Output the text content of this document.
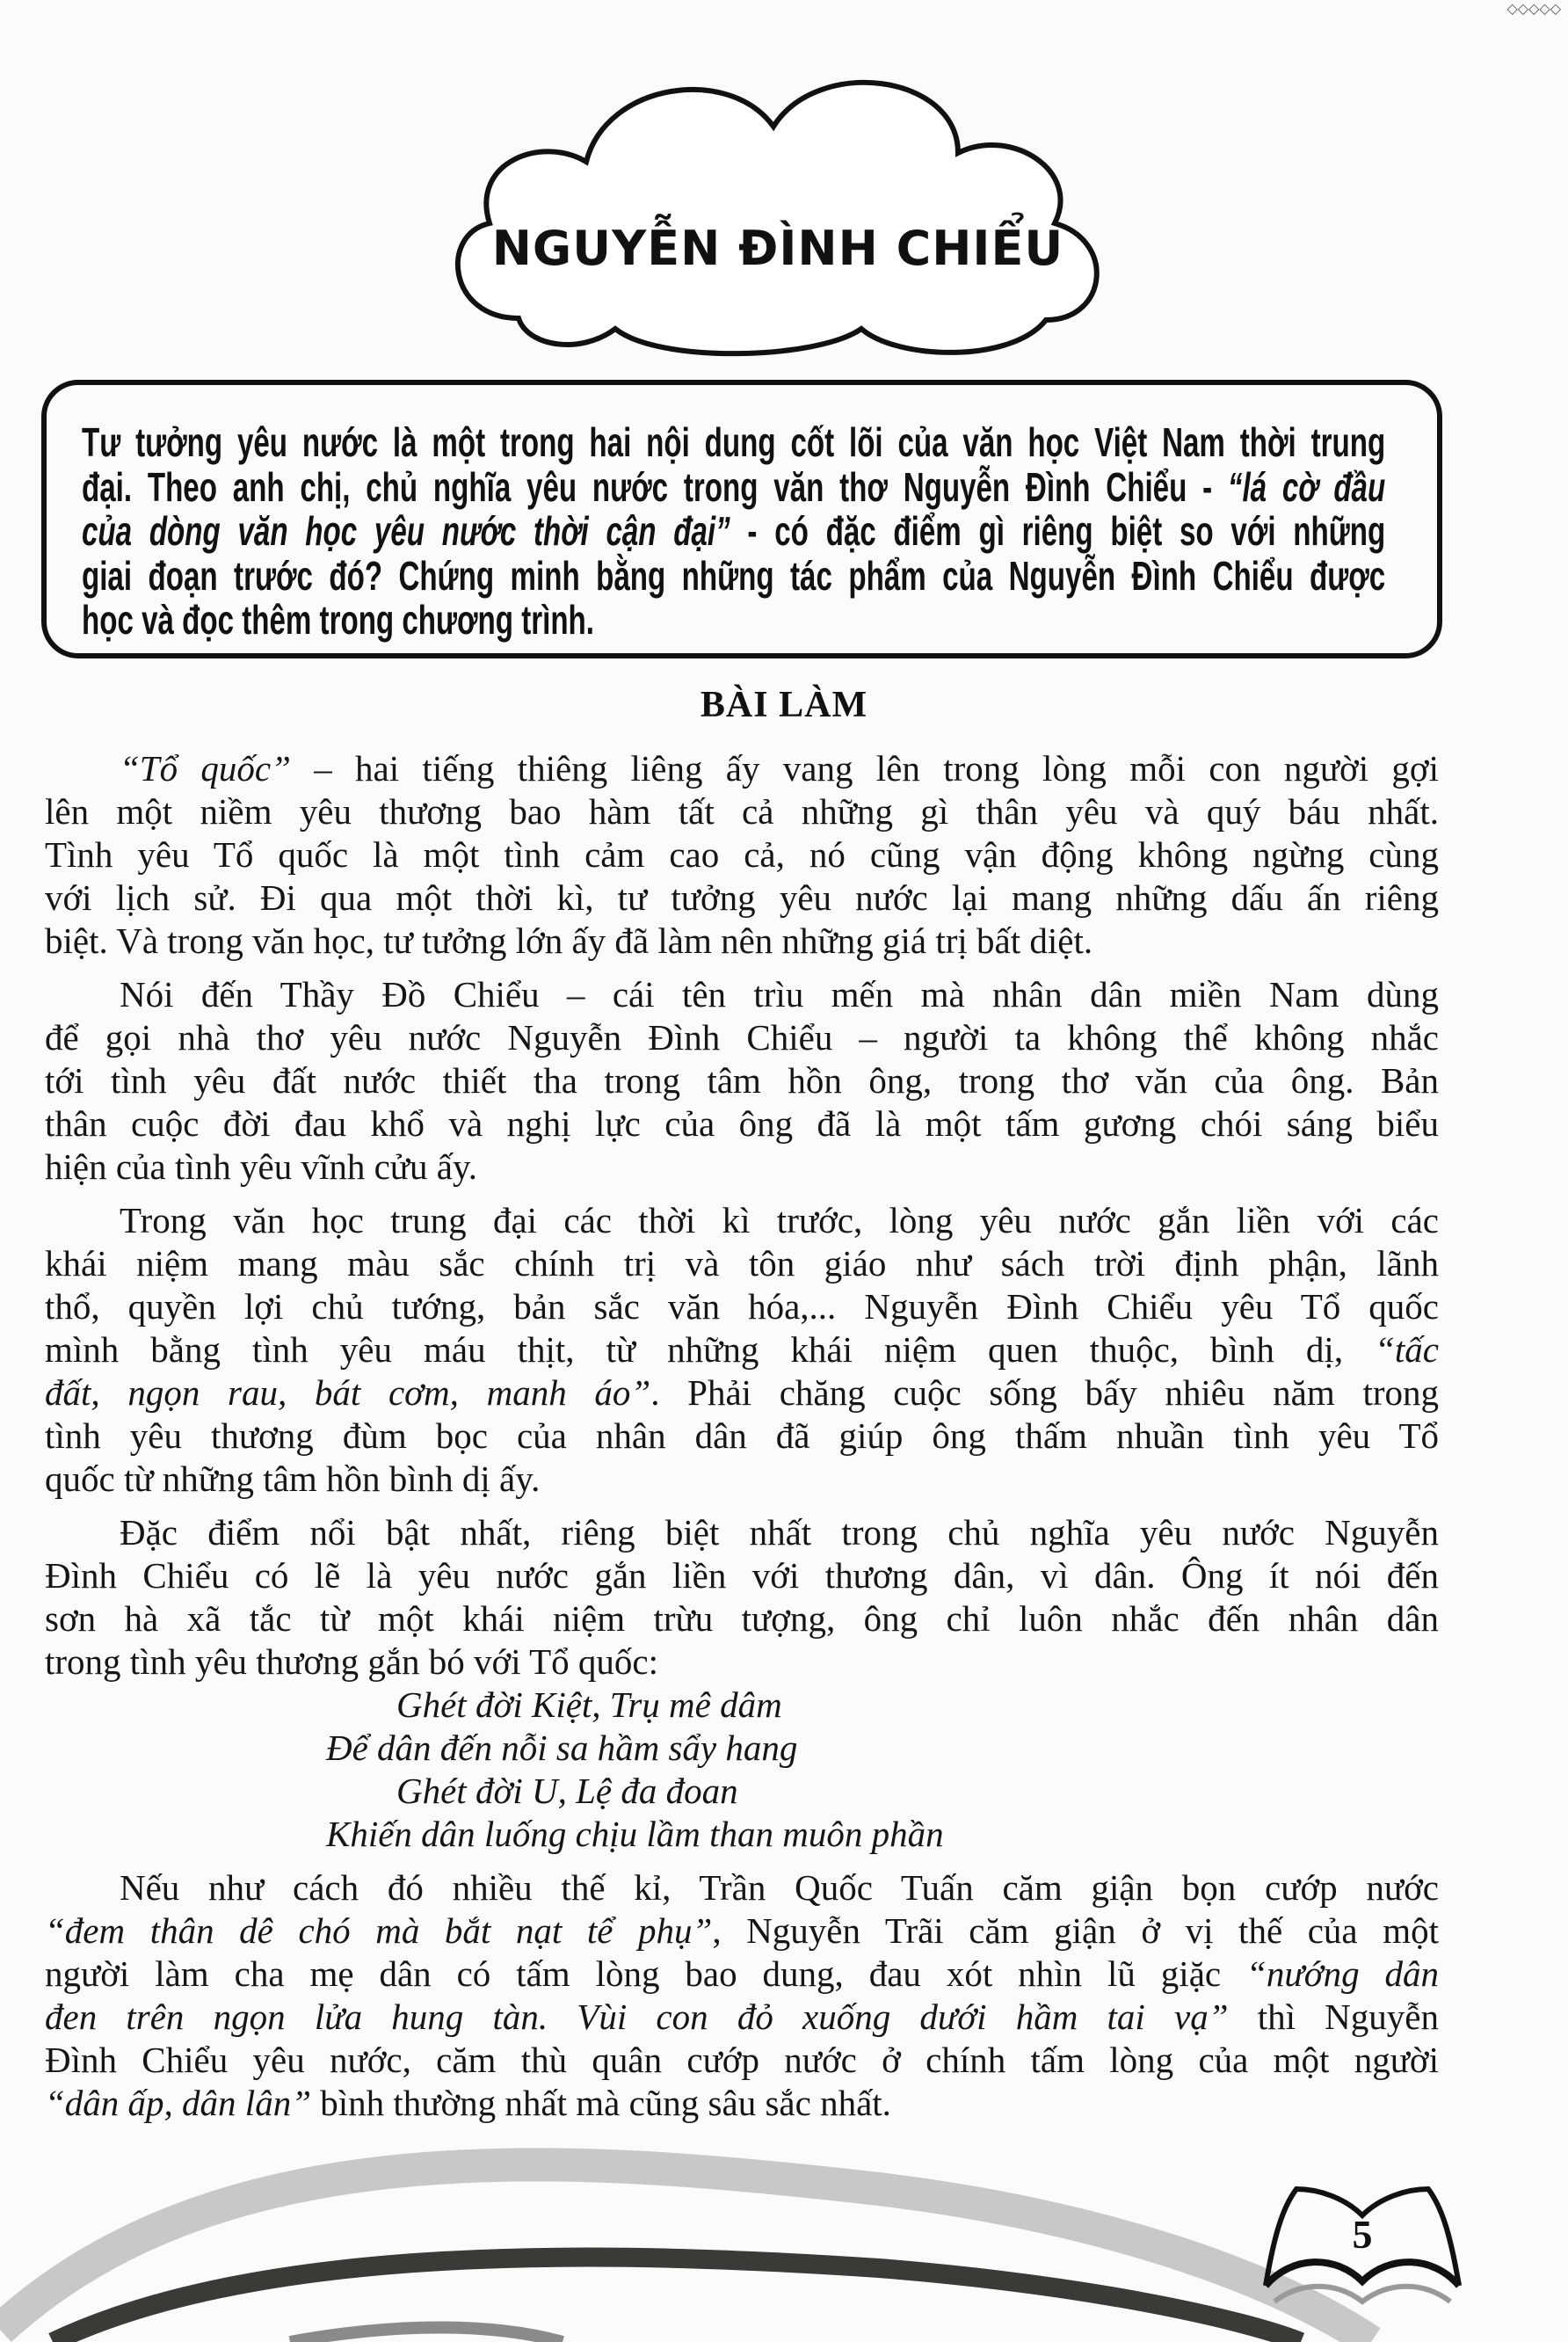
◇◇◇◇◇
NGUYỄN ĐÌNH CHIỂU
Tư tưởng yêu nước là một trong hai nội dung cốt lõi của văn học Việt Nam thời trung
đại. Theo anh chị, chủ nghĩa yêu nước trong văn thơ Nguyễn Đình Chiểu - “lá cờ đầu
của dòng văn học yêu nước thời cận đại” - có đặc điểm gì riêng biệt so với những
giai đoạn trước đó? Chứng minh bằng những tác phẩm của Nguyễn Đình Chiểu được
học và đọc thêm trong chương trình.
BÀI LÀM
“Tổ quốc” – hai tiếng thiêng liêng ấy vang lên trong lòng mỗi con người gợi
lên một niềm yêu thương bao hàm tất cả những gì thân yêu và quý báu nhất.
Tình yêu Tổ quốc là một tình cảm cao cả, nó cũng vận động không ngừng cùng
với lịch sử. Đi qua một thời kì, tư tưởng yêu nước lại mang những dấu ấn riêng
biệt. Và trong văn học, tư tưởng lớn ấy đã làm nên những giá trị bất diệt.
Nói đến Thầy Đồ Chiểu – cái tên trìu mến mà nhân dân miền Nam dùng
để gọi nhà thơ yêu nước Nguyễn Đình Chiểu – người ta không thể không nhắc
tới tình yêu đất nước thiết tha trong tâm hồn ông, trong thơ văn của ông. Bản
thân cuộc đời đau khổ và nghị lực của ông đã là một tấm gương chói sáng biểu
hiện của tình yêu vĩnh cửu ấy.
Trong văn học trung đại các thời kì trước, lòng yêu nước gắn liền với các
khái niệm mang màu sắc chính trị và tôn giáo như sách trời định phận, lãnh
thổ, quyền lợi chủ tướng, bản sắc văn hóa,... Nguyễn Đình Chiểu yêu Tổ quốc
mình bằng tình yêu máu thịt, từ những khái niệm quen thuộc, bình dị, “tấc
đất, ngọn rau, bát cơm, manh áo”. Phải chăng cuộc sống bấy nhiêu năm trong
tình yêu thương đùm bọc của nhân dân đã giúp ông thấm nhuần tình yêu Tổ
quốc từ những tâm hồn bình dị ấy.
Đặc điểm nổi bật nhất, riêng biệt nhất trong chủ nghĩa yêu nước Nguyễn
Đình Chiểu có lẽ là yêu nước gắn liền với thương dân, vì dân. Ông ít nói đến
sơn hà xã tắc từ một khái niệm trừu tượng, ông chỉ luôn nhắc đến nhân dân
trong tình yêu thương gắn bó với Tổ quốc:
Ghét đời Kiệt, Trụ mê dâm
Để dân đến nỗi sa hầm sẩy hang
Ghét đời U, Lệ đa đoan
Khiến dân luống chịu lầm than muôn phần
Nếu như cách đó nhiều thế kỉ, Trần Quốc Tuấn căm giận bọn cướp nước
“đem thân dê chó mà bắt nạt tể phụ”, Nguyễn Trãi căm giận ở vị thế của một
người làm cha mẹ dân có tấm lòng bao dung, đau xót nhìn lũ giặc “nướng dân
đen trên ngọn lửa hung tàn. Vùi con đỏ xuống dưới hầm tai vạ” thì Nguyễn
Đình Chiểu yêu nước, căm thù quân cướp nước ở chính tấm lòng của một người
“dân ấp, dân lân” bình thường nhất mà cũng sâu sắc nhất.
5
